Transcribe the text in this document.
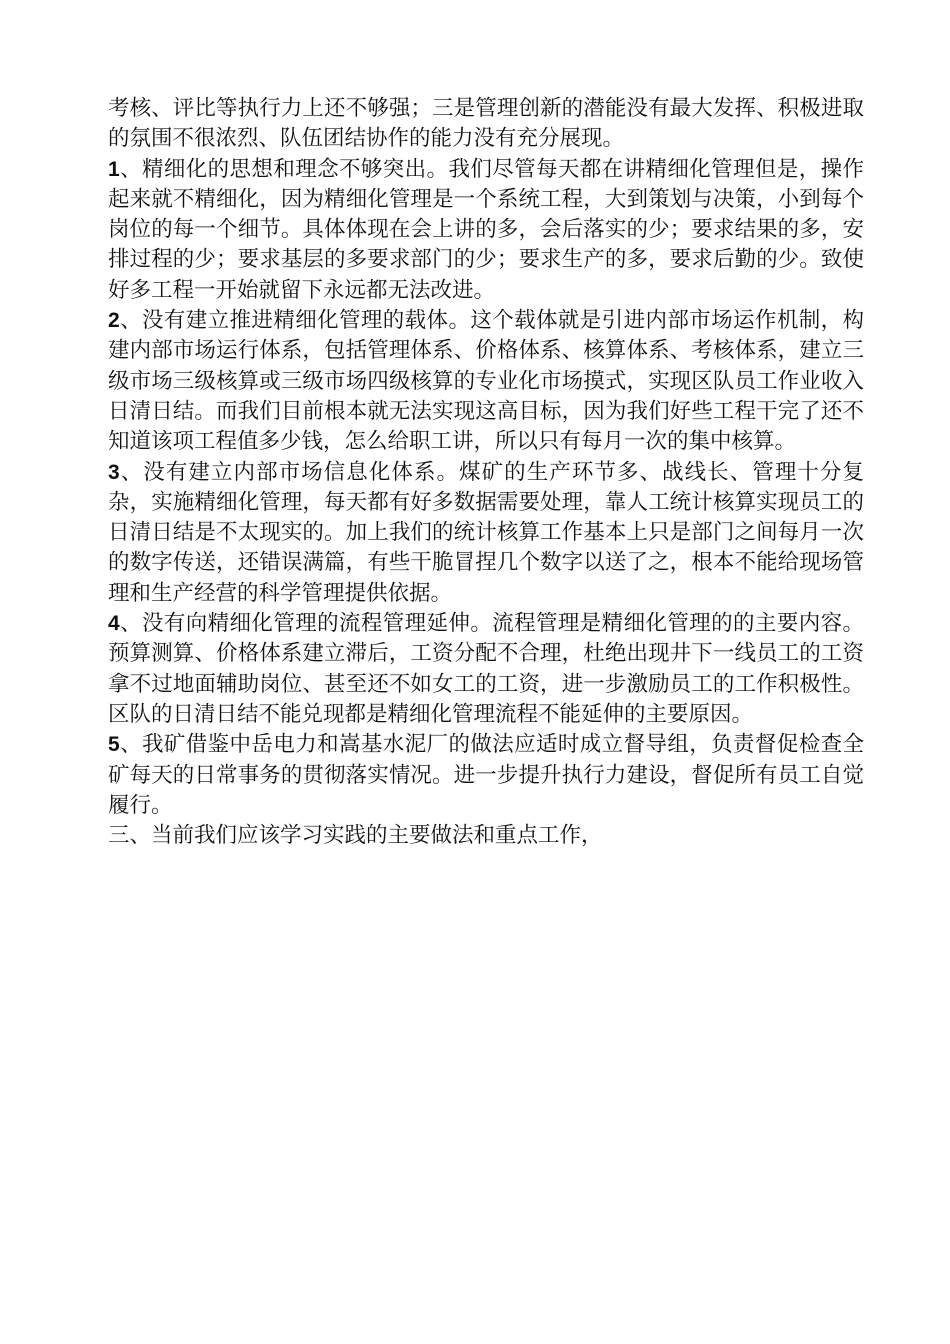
考核、评比等执行力上还不够强；三是管理创新的潜能没有最大发挥、积极进取的氛围不很浓烈、队伍团结协作的能力没有充分展现。

1、精细化的思想和理念不够突出。我们尽管每天都在讲精细化管理但是，操作起来就不精细化，因为精细化管理是一个系统工程，大到策划与决策，小到每个岗位的每一个细节。具体体现在会上讲的多，会后落实的少；要求结果的多，安排过程的少；要求基层的多要求部门的少；要求生产的多，要求后勤的少。致使好多工程一开始就留下永远都无法改进。

2、没有建立推进精细化管理的载体。这个载体就是引进内部市场运作机制，构建内部市场运行体系，包括管理体系、价格体系、核算体系、考核体系，建立三级市场三级核算或三级市场四级核算的专业化市场摸式，实现区队员工作业收入日清日结。而我们目前根本就无法实现这高目标，因为我们好些工程干完了还不知道该项工程值多少钱，怎么给职工讲，所以只有每月一次的集中核算。

3、没有建立内部市场信息化体系。煤矿的生产环节多、战线长、管理十分复杂，实施精细化管理，每天都有好多数据需要处理，靠人工统计核算实现员工的日清日结是不太现实的。加上我们的统计核算工作基本上只是部门之间每月一次的数字传送，还错误满篇，有些干脆冒捏几个数字以送了之，根本不能给现场管理和生产经营的科学管理提供依据。

4、没有向精细化管理的流程管理延伸。流程管理是精细化管理的的主要内容。预算测算、价格体系建立滞后，工资分配不合理，杜绝出现井下一线员工的工资拿不过地面辅助岗位、甚至还不如女工的工资，进一步激励员工的工作积极性。区队的日清日结不能兑现都是精细化管理流程不能延伸的主要原因。

5、我矿借鉴中岳电力和嵩基水泥厂的做法应适时成立督导组，负责督促检查全矿每天的日常事务的贯彻落实情况。进一步提升执行力建设，督促所有员工自觉履行。

三、当前我们应该学习实践的主要做法和重点工作，
